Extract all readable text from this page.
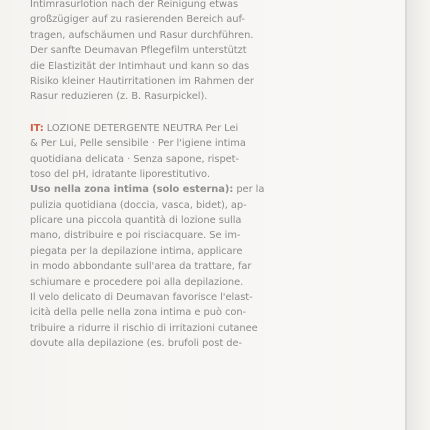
Intimrasurlotion nach der Reinigung etwas
großzügiger auf zu rasierenden Bereich auf-
tragen, aufschäumen und Rasur durchführen.
Der sanfte Deumavan Pflegefilm unterstützt
die Elastizität der Intimhaut und kann so das
Risiko kleiner Hautirritationen im Rahmen der
Rasur reduzieren (z. B. Rasurpickel).
IT: LOZIONE DETERGENTE NEUTRA Per Lei
& Per Lui, Pelle sensibile · Per l'igiene intima
quotidiana delicata · Senza sapone, rispet-
toso del pH, idratante liporestitutivo.
Uso nella zona intima (solo esterna): per la
pulizia quotidiana (doccia, vasca, bidet), ap-
plicare una piccola quantità di lozione sulla
mano, distribuire e poi risciacquare. Se im-
piegata per la depilazione intima, applicare
in modo abbondante sull'area da trattare, far
schiumare e procedere poi alla depilazione.
Il velo delicato di Deumavan favorisce l'elast-
icità della pelle nella zona intima e può con-
tribuire a ridurre il rischio di irritazioni cutanee
dovute alla depilazione (es. brufoli post de-
